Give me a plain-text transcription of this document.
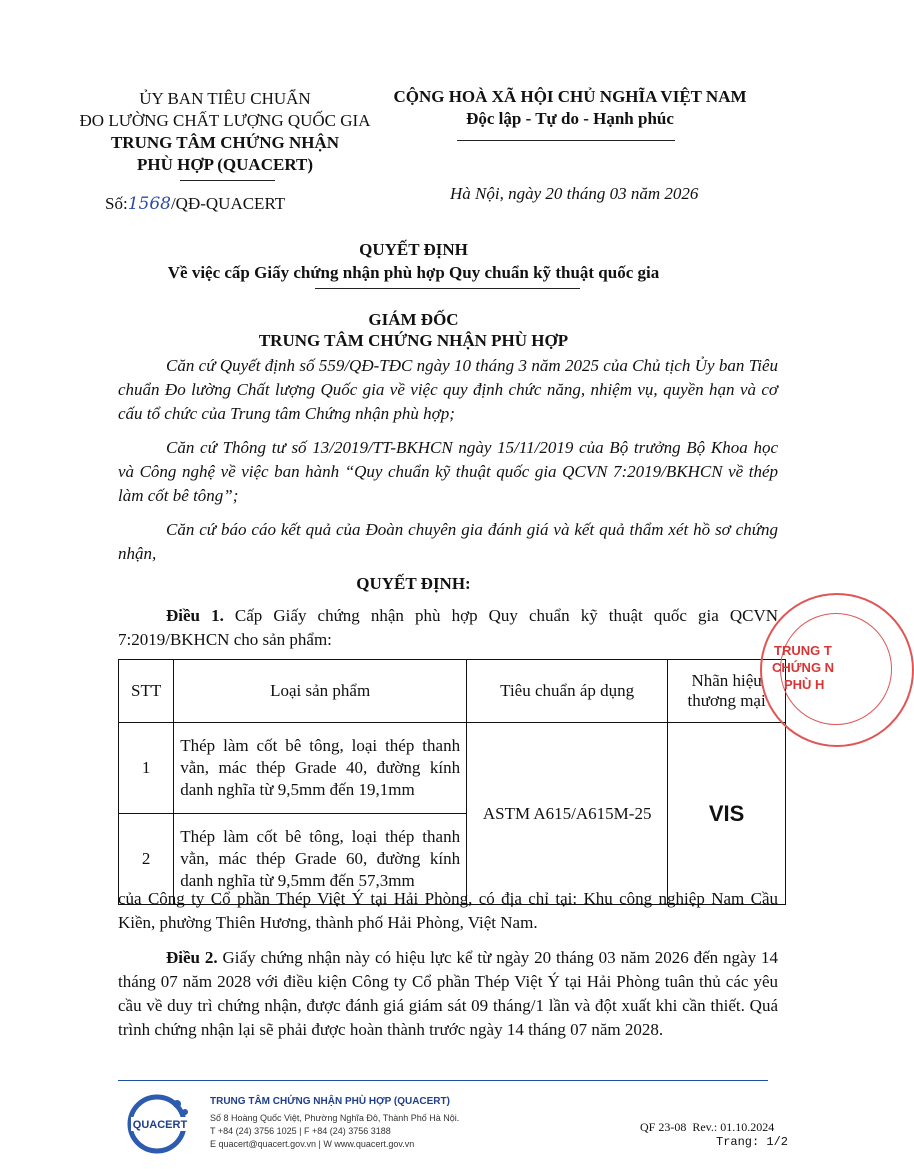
ỦY BAN TIÊU CHUẨN
ĐO LƯỜNG CHẤT LƯỢNG QUỐC GIA
TRUNG TÂM CHỨNG NHẬN
PHÙ HỢP (QUACERT)
CỘNG HOÀ XÃ HỘI CHỦ NGHĨA VIỆT NAM
Độc lập - Tự do - Hạnh phúc
Số:1568/QĐ-QUACERT
Hà Nội, ngày 20 tháng 03 năm 2026
QUYẾT ĐỊNH
Về việc cấp Giấy chứng nhận phù hợp Quy chuẩn kỹ thuật quốc gia
GIÁM ĐỐC
TRUNG TÂM CHỨNG NHẬN PHÙ HỢP
Căn cứ Quyết định số 559/QĐ-TĐC ngày 10 tháng 3 năm 2025 của Chủ tịch Ủy ban Tiêu chuẩn Đo lường Chất lượng Quốc gia về việc quy định chức năng, nhiệm vụ, quyền hạn và cơ cấu tổ chức của Trung tâm Chứng nhận phù hợp;
Căn cứ Thông tư số 13/2019/TT-BKHCN ngày 15/11/2019 của Bộ trưởng Bộ Khoa học và Công nghệ về việc ban hành “Quy chuẩn kỹ thuật quốc gia QCVN 7:2019/BKHCN về thép làm cốt bê tông”;
Căn cứ báo cáo kết quả của Đoàn chuyên gia đánh giá và kết quả thẩm xét hồ sơ chứng nhận,
QUYẾT ĐỊNH:
Điều 1. Cấp Giấy chứng nhận phù hợp Quy chuẩn kỹ thuật quốc gia QCVN 7:2019/BKHCN cho sản phẩm:
STT	Loại sản phẩm	Tiêu chuẩn áp dụng	Nhãn hiệu thương mại
1	Thép làm cốt bê tông, loại thép thanh vằn, mác thép Grade 40, đường kính danh nghĩa từ 9,5mm đến 19,1mm	ASTM A615/A615M-25	VIS
2	Thép làm cốt bê tông, loại thép thanh vằn, mác thép Grade 60, đường kính danh nghĩa từ 9,5mm đến 57,3mm		
của Công ty Cổ phần Thép Việt Ý tại Hải Phòng, có địa chỉ tại: Khu công nghiệp Nam Cầu Kiền, phường Thiên Hương, thành phố Hải Phòng, Việt Nam.
Điều 2. Giấy chứng nhận này có hiệu lực kể từ ngày 20 tháng 03 năm 2026 đến ngày 14 tháng 07 năm 2028 với điều kiện Công ty Cổ phần Thép Việt Ý tại Hải Phòng tuân thủ các yêu cầu về duy trì chứng nhận, được đánh giá giám sát 09 tháng/1 lần và đột xuất khi cần thiết. Quá trình chứng nhận lại sẽ phải được hoàn thành trước ngày 14 tháng 07 năm 2028.
TRUNG T
CHỨNG N
PHÙ H
QUACERT
TRUNG TÂM CHỨNG NHẬN PHÙ HỢP (QUACERT)
Số 8 Hoàng Quốc Việt, Phường Nghĩa Đô, Thành Phố Hà Nội.
T +84 (24) 3756 1025 | F +84 (24) 3756 3188
E quacert@quacert.gov.vn | W www.quacert.gov.vn
QF 23-08 Rev.: 01.10.2024
Trang: 1/2
